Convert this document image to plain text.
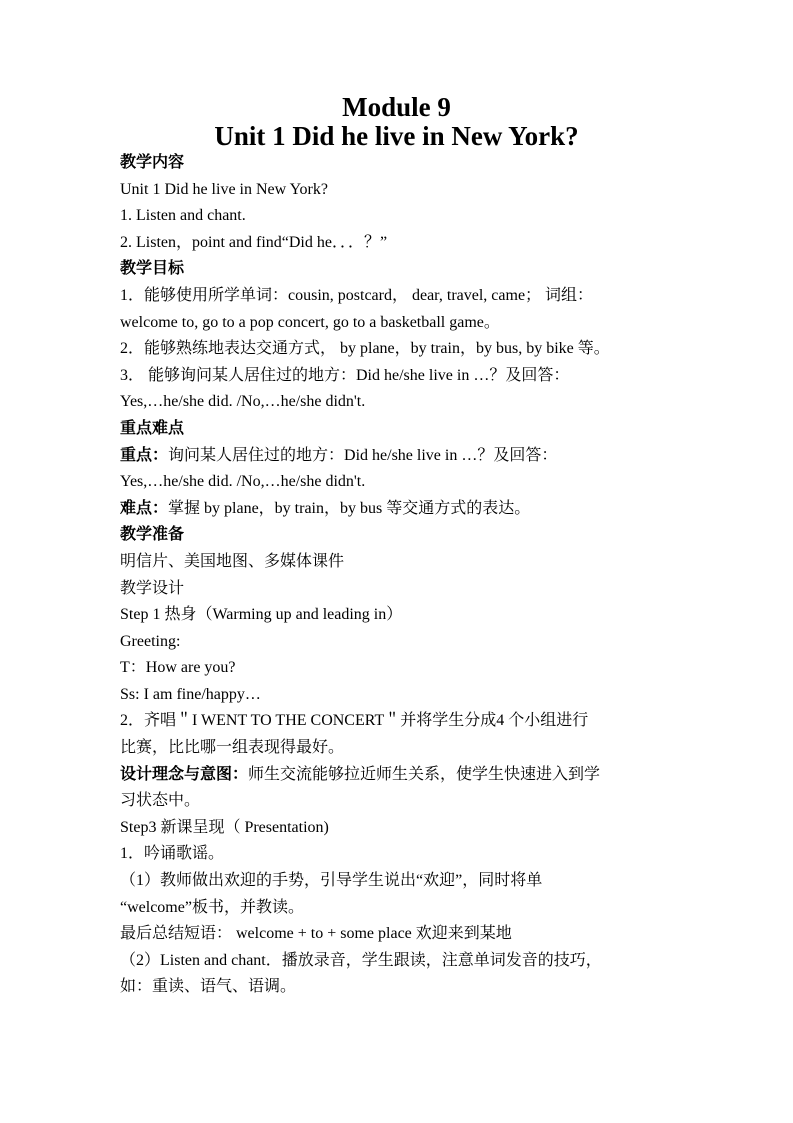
Module 9
Unit 1 Did he live in New York?

教学内容

Unit 1 Did he live in New York?

1. Listen and chant.

2. Listen，point and find“Did he．．．？”

教学目标

1．能够使用所学单词：cousin, postcard， dear, travel, came； 词组：

welcome to, go to a pop concert, go to a basketball game。

2．能够熟练地表达交通方式， by plane，by train，by bus, by bike 等。

3． 能够询问某人居住过的地方：Did he/she live in …？及回答：

Yes,…he/she did. /No,…he/she didn't.

重点难点

重点：询问某人居住过的地方：Did he/she live in …？及回答：

Yes,…he/she did. /No,…he/she didn't.

难点：掌握 by plane，by train，by bus 等交通方式的表达。

教学准备

明信片、美国地图、多媒体课件

教学设计

Step 1 热身（Warming up and leading in）

Greeting:

T：How are you?

Ss: I am fine/happy…

2．齐唱＂I WENT TO THE CONCERT＂并将学生分成4 个小组进行

比赛，比比哪一组表现得最好。

设计理念与意图：师生交流能够拉近师生关系，使学生快速进入到学

习状态中。

Step3 新课呈现（ Presentation)

1．吟诵歌谣。

（1）教师做出欢迎的手势，引导学生说出“欢迎”，同时将单

“welcome”板书，并教读。

最后总结短语： welcome + to + some place 欢迎来到某地

（2）Listen and chant．播放录音，学生跟读，注意单词发音的技巧，

如：重读、语气、语调。
